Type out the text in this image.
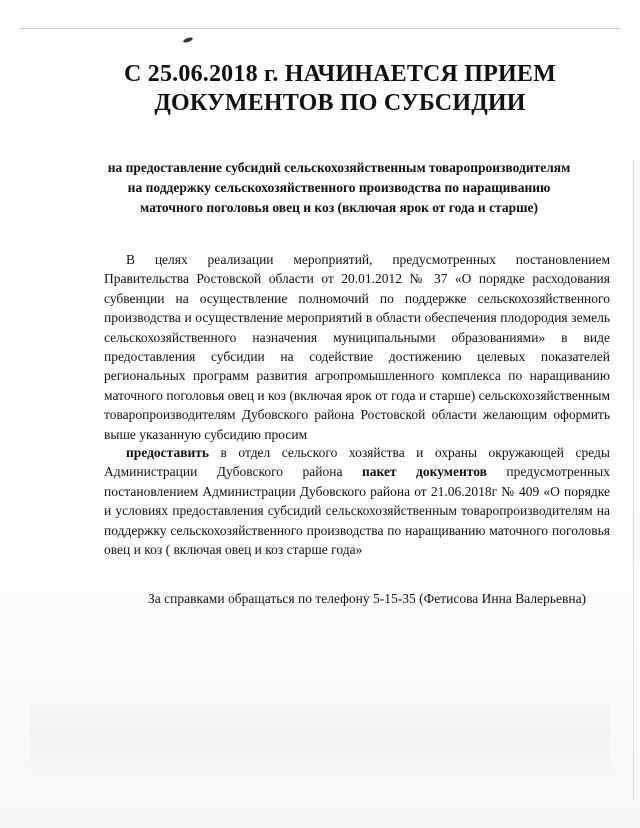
С 25.06.2018 г. НАЧИНАЕТСЯ ПРИЕМ ДОКУМЕНТОВ ПО СУБСИДИИ
на предоставление субсидий сельскохозяйственным товаропроизводителям на поддержку сельскохозяйственного производства по наращиванию маточного поголовья овец и коз (включая ярок от года и старше)
В целях реализации мероприятий, предусмотренных постановлением Правительства Ростовской области от 20.01.2012 № 37 «О порядке расходования субвенции на осуществление полномочий по поддержке сельскохозяйственного производства и осуществление мероприятий в области обеспечения плодородия земель сельскохозяйственного назначения муниципальными образованиями» в виде предоставления субсидии на содействие достижению целевых показателей региональных программ развития агропромышленного комплекса по наращиванию маточного поголовья овец и коз (включая ярок от года и старше) сельскохозяйственным товаропроизводителям Дубовского района Ростовской области желающим оформить выше указанную субсидию просим
предоставить в отдел сельского хозяйства и охраны окружающей среды Администрации Дубовского района пакет документов предусмотренных постановлением Администрации Дубовского района от 21.06.2018г № 409 «О порядке и условиях предоставления субсидий сельскохозяйственным товаропроизводителям на поддержку сельскохозяйственного производства по наращиванию маточного поголовья овец и коз ( включая овец и коз старше года»
За справками обращаться по телефону 5-15-35 (Фетисова Инна Валерьевна)
